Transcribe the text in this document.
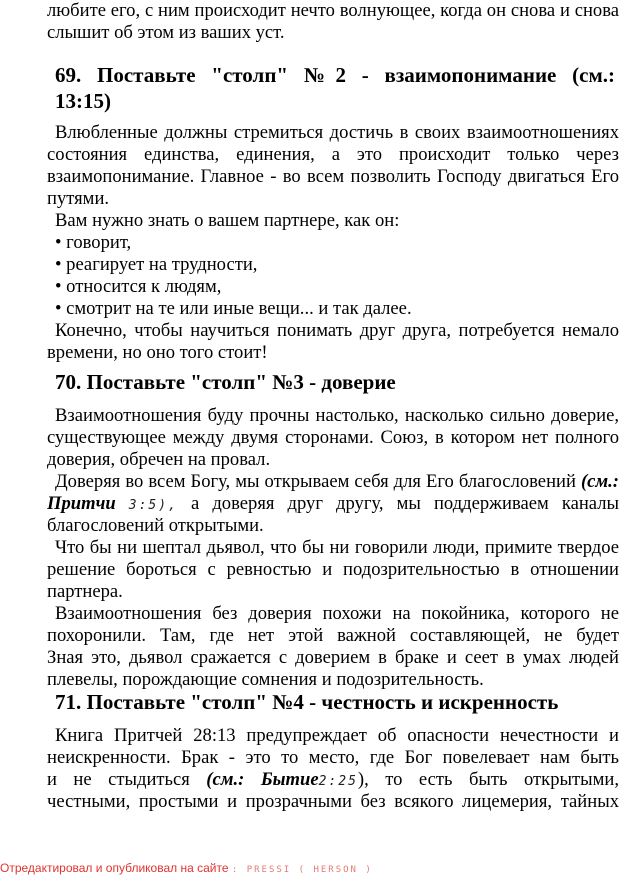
любите его, с ним происходит нечто волнующее, когда он снова и снова
слышит об этом из ваших уст.
69. Поставьте "столп" №2 - взаимопонимание (см.:
13:15)
Влюбленные должны стремиться достичь в своих взаимоотношениях
состояния единства, единения, а это происходит только через
взаимопонимание. Главное - во всем позволить Господу двигаться Его
путями.
Вам нужно знать о вашем партнере, как он:
• говорит,
• реагирует на трудности,
• относится к людям,
• смотрит на те или иные вещи... и так далее.
Конечно, чтобы научиться понимать друг друга, потребуется немало
времени, но оно того стоит!
70. Поставьте "столп" №3 - доверие
Взаимоотношения буду прочны настолько, насколько сильно доверие,
существующее между двумя сторонами. Союз, в котором нет полного
доверия, обречен на провал.
Доверяя во всем Богу, мы открываем себя для Его благословений (см.:
Притчи 3:5), а доверяя друг другу, мы поддерживаем каналы
благословений открытыми.
Что бы ни шептал дьявол, что бы ни говорили люди, примите твердое
решение бороться с ревностью и подозрительностью в отношении
партнера.
Взаимоотношения без доверия похожи на покойника, которого не
похоронили. Там, где нет этой важной составляющей, не будет
Зная это, дьявол сражается с доверием в браке и сеет в умах людей
плевелы, порождающие сомнения и подозрительность.
71. Поставьте "столп" №4 - честность и искренность
Книга Притчей 28:13 предупреждает об опасности нечестности и
неискренности. Брак - это то место, где Бог повелевает нам быть
и не стыдиться (см.: Бытие2:25), то есть быть открытыми,
честными, простыми и прозрачными без всякого лицемерия, тайных
Отредактировал и опубликовал на сайте : PRESSI ( HERSON )
